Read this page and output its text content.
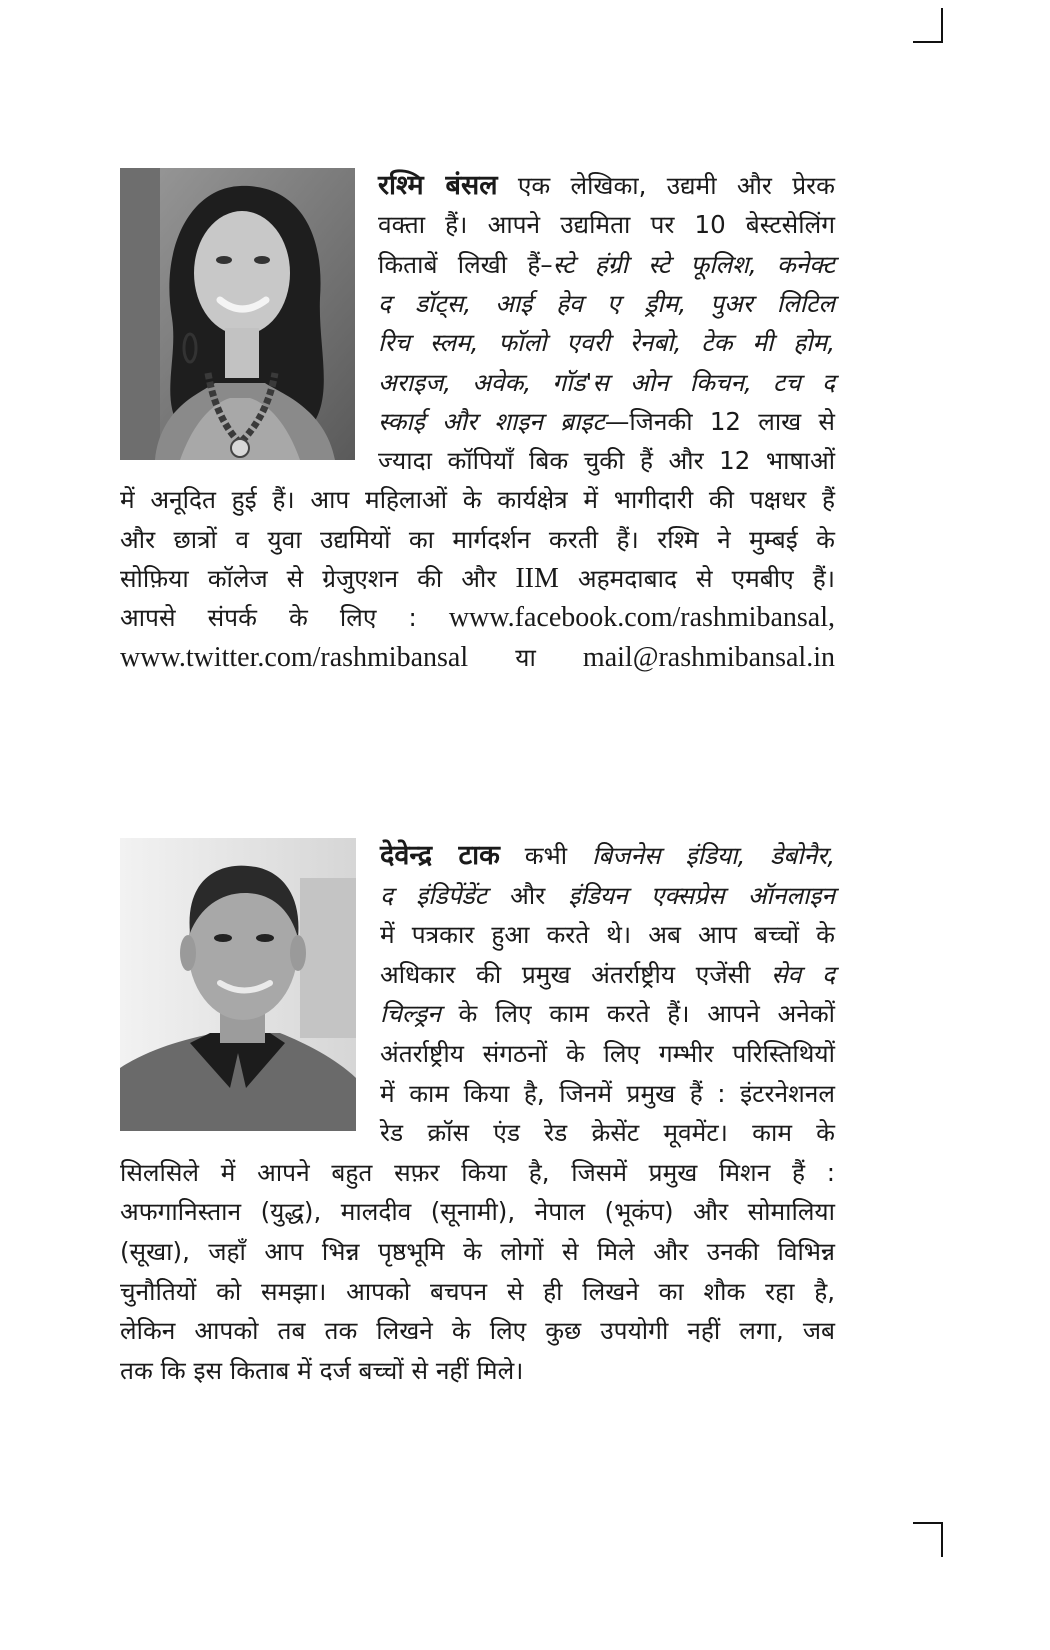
रश्मि बंसल एक लेखिका, उद्यमी और प्रेरक
वक्ता हैं। आपने उद्यमिता पर 10 बेस्टसेलिंग
किताबें लिखी हैं–स्टे हंग्री स्टे फूलिश, कनेक्ट
द डॉट्स, आई हेव ए ड्रीम, पुअर लिटिल
रिच स्लम, फॉलो एवरी रेनबो, टेक मी होम,
अराइज, अवेक, गॉड'स ओन किचन, टच द
स्काई और शाइन ब्राइट—जिनकी 12 लाख से
ज्यादा कॉपियाँ बिक चुकी हैं और 12 भाषाओं
में अनूदित हुई हैं। आप महिलाओं के कार्यक्षेत्र में भागीदारी की पक्षधर हैं
और छात्रों व युवा उद्यमियों का मार्गदर्शन करती हैं। रश्मि ने मुम्बई के
सोफ़िया कॉलेज से ग्रेजुएशन की और IIM अहमदाबाद से एमबीए हैं।
आपसे संपर्क के लिए : www.facebook.com/rashmibansal,
www.twitter.com/rashmibansal या mail@rashmibansal.in
देवेन्द्र टाक कभी बिजनेस इंडिया, डेबोनैर,
द इंडिपेंडेंट और इंडियन एक्सप्रेस ऑनलाइन
में पत्रकार हुआ करते थे। अब आप बच्चों के
अधिकार की प्रमुख अंतर्राष्ट्रीय एजेंसी सेव द
चिल्ड्रन के लिए काम करते हैं। आपने अनेकों
अंतर्राष्ट्रीय संगठनों के लिए गम्भीर परिस्तिथियों
में काम किया है, जिनमें प्रमुख हैं : इंटरनेशनल
रेड क्रॉस एंड रेड क्रेसेंट मूवमेंट। काम के
सिलसिले में आपने बहुत सफ़र किया है, जिसमें प्रमुख मिशन हैं :
अफगानिस्तान (युद्ध), मालदीव (सूनामी), नेपाल (भूकंप) और सोमालिया
(सूखा), जहाँ आप भिन्न पृष्ठभूमि के लोगों से मिले और उनकी विभिन्न
चुनौतियों को समझा। आपको बचपन से ही लिखने का शौक रहा है,
लेकिन आपको तब तक लिखने के लिए कुछ उपयोगी नहीं लगा, जब
तक कि इस किताब में दर्ज बच्चों से नहीं मिले।
